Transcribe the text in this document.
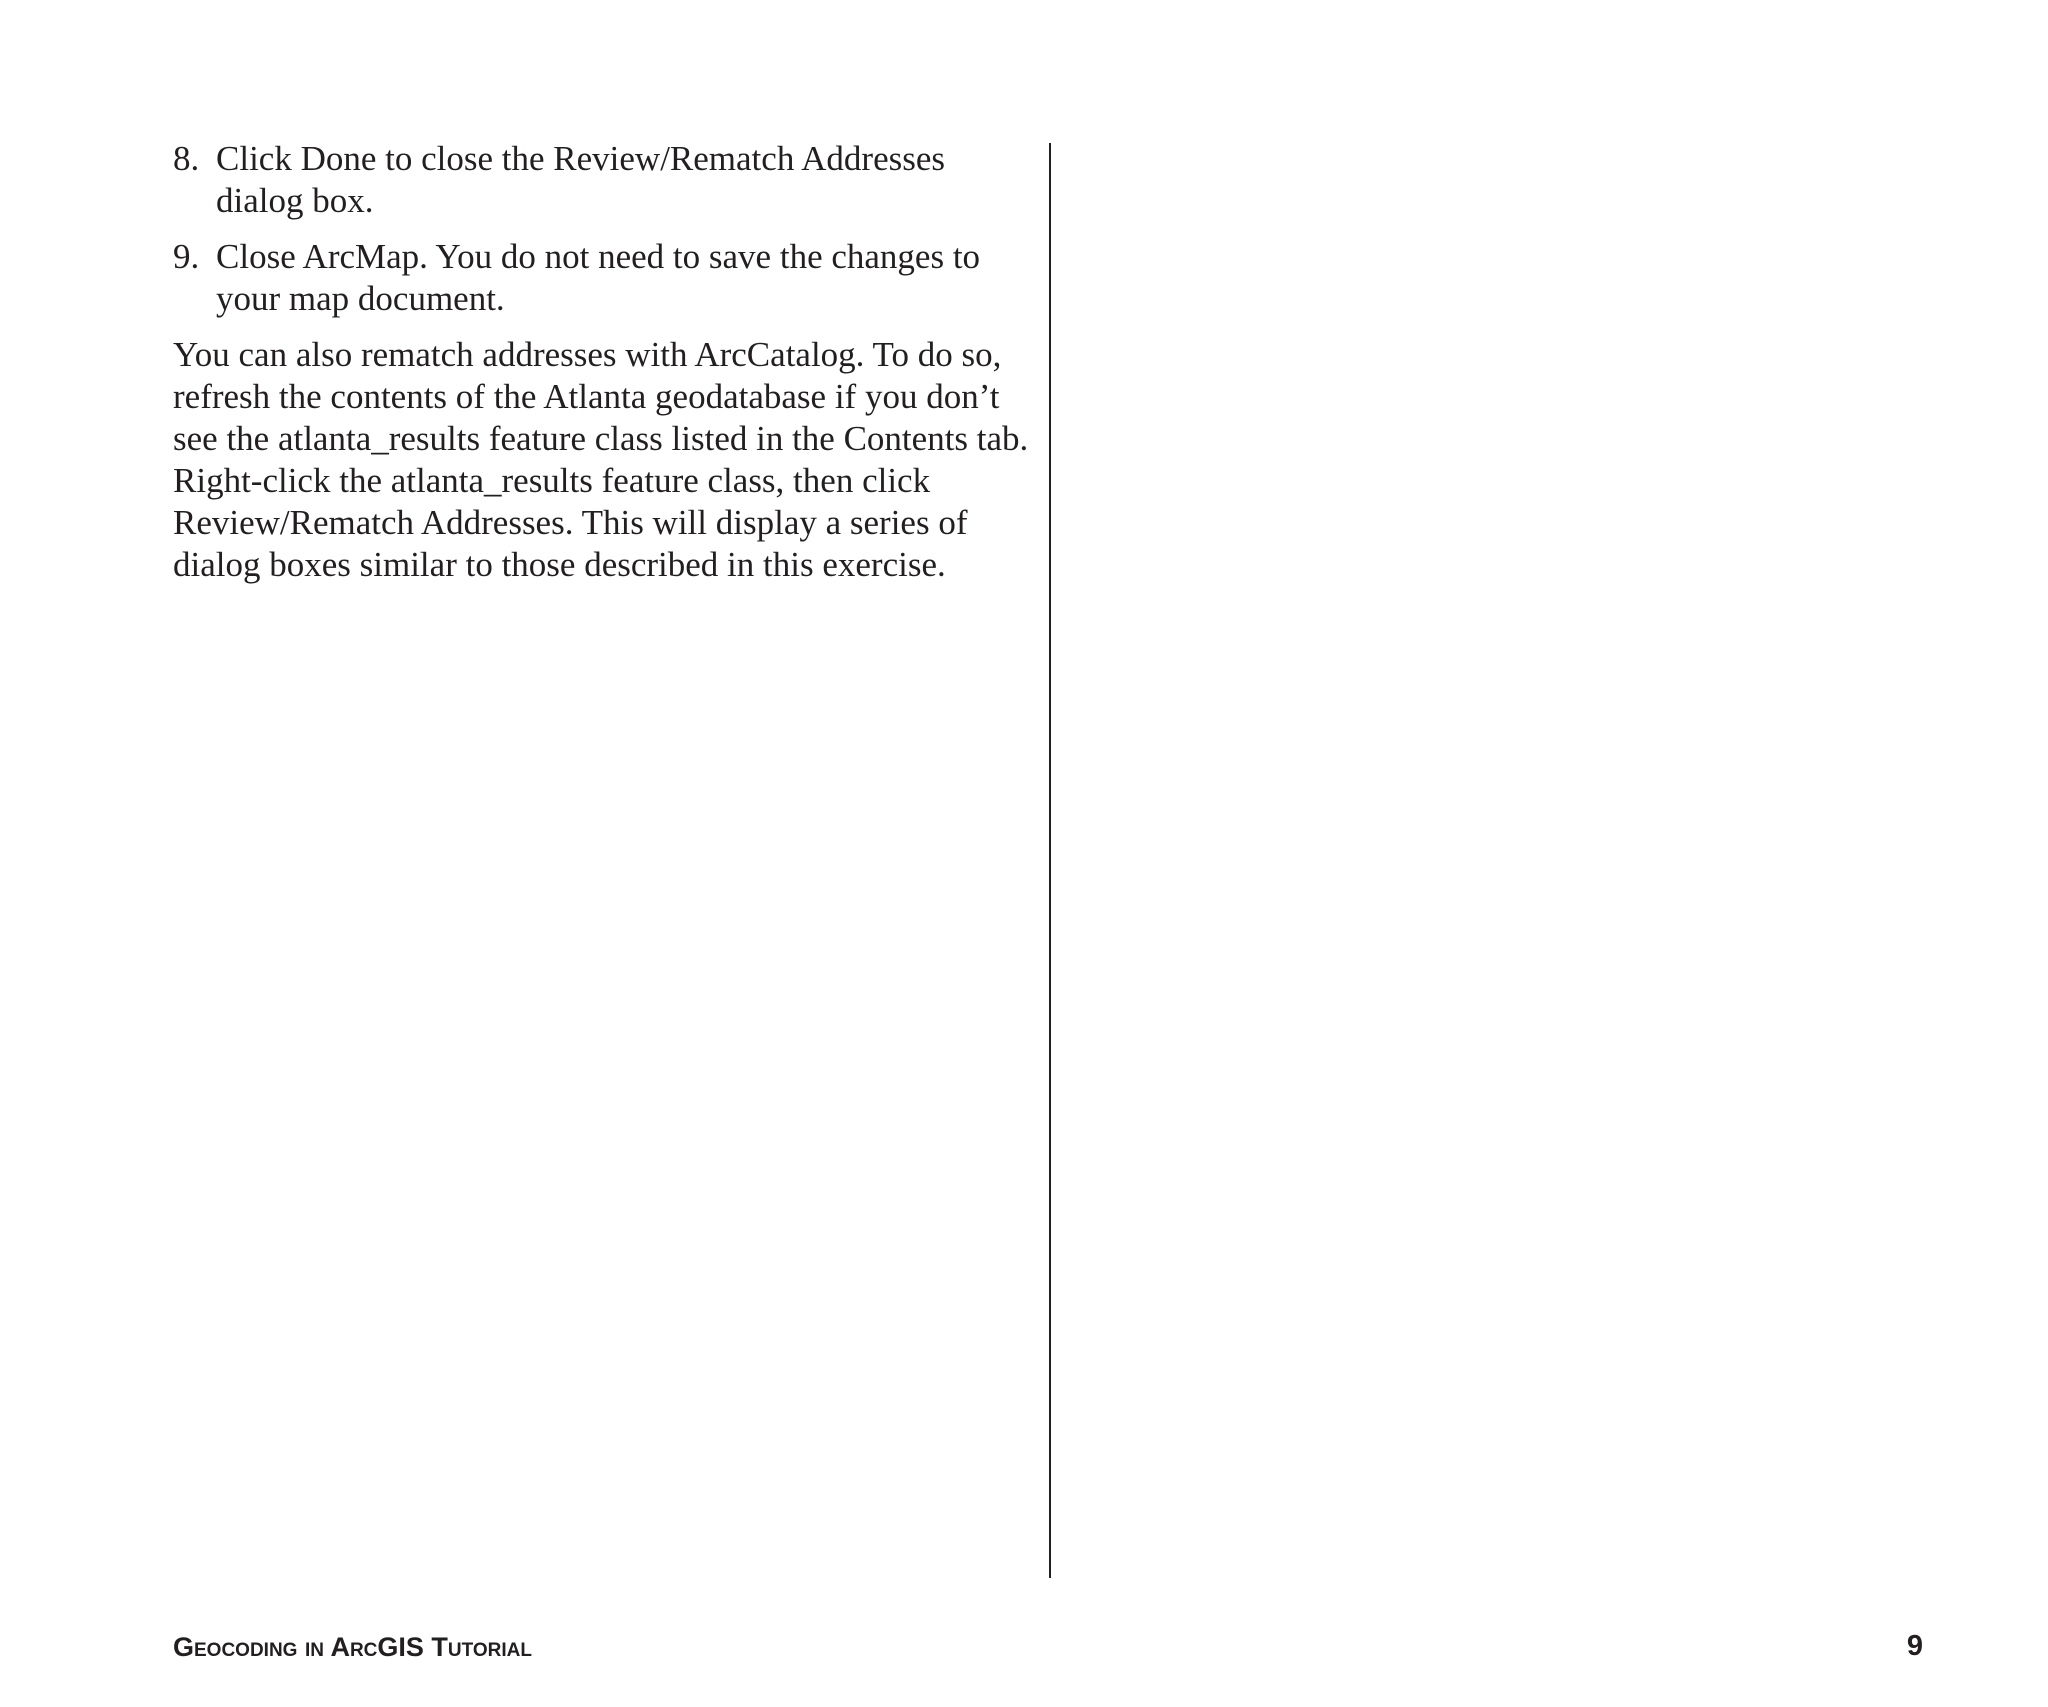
8. Click Done to close the Review/Rematch Addresses dialog box.
9. Close ArcMap. You do not need to save the changes to your map document.

You can also rematch addresses with ArcCatalog. To do so, refresh the contents of the Atlanta geodatabase if you don’t see the atlanta_results feature class listed in the Contents tab. Right-click the atlanta_results feature class, then click Review/Rematch Addresses. This will display a series of dialog boxes similar to those described in this exercise.

Geocoding in ArcGIS Tutorial	9
